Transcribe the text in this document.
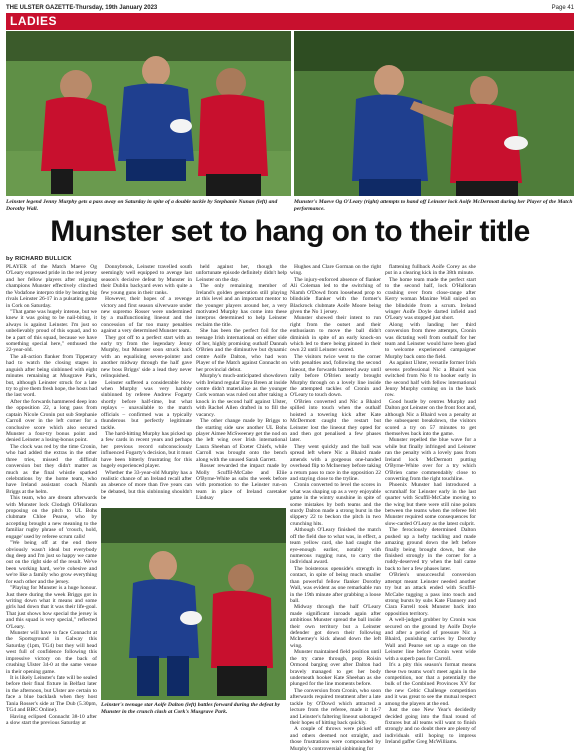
THE ULSTER GAZETTE-Thursday, 19th January 2023	Page 41
LADIES
Leinster legend Jenny Murphy gets a pass away on Saturday in spite of a double tackle by Stephanie Nunan (left) and Dorothy Wall.
Munster's Maeve Og O'Leary (right) attempts to hand off Leinster lock Aoife McDermott during her Player of the Match performance.
Munster set to hang on to their title
by RICHARD BULLICK

PLAYER of the Match Maeve Og O'Leary expressed pride in the red jersey and her fellow players after reigning champions Munster effectively clinched the Vodafone interpro title by beating big rivals Leinster 26-17 in a pulsating game in Cork on Saturday.

"That game was hugely intense, but we knew it was going to be nail-biting, it always is against Leinster. I'm just so unbelievably proud of this squad, and to be a part of this squad, because we have something special here," enthused the 22-year-old.

The all-action flanker from Tipperary had to watch the closing stages in anguish after being sinbinned with eight minutes remaining at Musgrave Park, but, although Leinster struck for a late try to give them fresh hope, the hosts had the last word.

After the forwards hammered deep into the opposition 22, a long pass from captain Nicole Cronin put sub Stephanie Carroll over in the left corner for a conclusive score which also secured Munster a four-try bonus point and denied Leinster a losing-bonus point.

The clock was red by the time Cronin, who had added the extras in the other three tries, missed the difficult conversion but they didn't matter as much as the final whistle sparked celebrations by the home team, who have Ireland assistant coach Niamh Briggs at the helm.

This team, who are dream afterwards with Munster lock Clodagh O'Halloran proposing on the pitch to UL Bohs clubmate Chloe Pearse, who by accepting brought a new meaning to the familiar rugby phrase of 'crouch, hold, engage' used by referee scrum calls!

"We being off at the end there obviously wasn't ideal but everybody dug deep and I'm just so happy we came out on the right side of the result. We've been working hard, we're cohesive and we're like a family who grow everything for each other and the jersey.

"Playing for Munster is a huge honour. Just there during the week Briggs got in writing down what it means and some girls had down that it was their life-goal. That just shows how special the jersey is and this squad is very special," reflected O'Leary.

Munster will have to face Connacht at the Sportsground in Galway this Saturday (1pm, TG4) but they will head west full of confidence following this impressive victory on the back of crushing Ulster 34-0 at the same venue in their opening game.

It is likely Leinster's fate will be sealed before their final fixture in Belfast later in the afternoon, but Ulster are certain to face a blue backlash when they host Tania Rosser's side at The Dub (5.30pm, TG4 and BBC Online).

Having eclipsed Connacht 38-10 after a slow start the previous Saturday at

Donnybrook, Leinster travelled south seemingly well equipped to avenge last season's decisive defeat by Munster in their Dublin backyard even with quite a few young guns in their ranks.

However, their hopes of a revenge victory and first season silverware under new supremo Rosser were undermined by a malfunctioning lineout and the concession of far too many penalties against a very determined Munster team.

They got off to a perfect start with an early try from the legendary Jenny Murphy, but Munster soon struck back with an equalising seven-pointer and another midway through the half gave new boss Briggs' side a lead they never relinquished.

Leinster suffered a considerable blow when Murphy was very harshly sinbinned by referee Andrew Fogarty shortly before half-time, but what replays – unavailable to the match officials – confirmed was a typically thunderous but perfectly legitimate tackle.

The hard-hitting Murphy has picked up a few cards in recent years and perhaps her previous record subconsciously influenced Fogarty's decision, but it must have been bitterly frustrating for this hugely experienced player.

Whether the 33-year-old Murphy has a realistic chance of an Ireland recall after an absence of more than five years can be debated, but this sinbinning shouldn't be

held against her, though the unfortunate episode definitely didn't help Leinster on the day.

The only remaining member of Ireland's golden generation still playing at this level and an important mentor to the younger players around her, a very motivated Murphy has come into these interpros determined to help Leinster reclaim the title.

She has been the perfect foil for the teenage Irish international on either side of her, highly promising outhalf Dannah O'Brien and the diminutive but dynamic centre Aoife Dalton, who had won Player of the Match against Connacht on her provincial debut.

Murphy's much-anticipated showdown with Ireland regular Enya Breen at inside centre didn't materialise as the younger Cork woman was ruled out after taking a knock in the second half against Ulster, with Rachel Allen drafted in to fill the vacancy.

The other change made by Briggs to the starting side saw another UL Bohs player Aimee McSweeney get the nod on the left wing over Irish international Laura Sheehan of Exeter Chiefs, while Carroll was brought onto the bench along with the unused Sarah Garrett.

Rosser rewarded the impact made by Molly Scuffil-McCabe and Eliie O'Byrne-White as subs the week before with promotion to the Leinster run-on team in place of Ireland caretaker Lindsay

Hughes and Clare Gorman on the right wing.

The injury-enforced absence of flanker Ali Coleman led to the switching of Niamh O'Dowd from loosehead prop to blindside flanker with the former's Blackrock clubmate Aoife Moore being given the No 1 jersey.

Munster showed their intent to run right from the outset and their enthusiasm to move the ball didn't diminish in spite of an early knock-on which led to there being pinned in their own 22 until Leinster scored.

The visitors twice went to the corner with penalties and, following the second lineout, the forwards battered away until rally before O'Brien neatly brought Murphy through on a lovely line inside the attempted tackles of Cronin and O'Leary to touch down.

O'Brien converted and Nic a Bhaird spilled into touch when the outhalf hoisted a towering kick after Kate McDermott caught the restart but Leinster lost the lineout they opted for and then got penalised a few phases later.

They went quickly and the ball was spread left where Nic a Bhaird made amends with a gorgeous one-handed overhead flip to McInerney before taking a return pass to race in the opposition 22 and staying close to the tryline.

Cronin converted to level the scores in what was shaping up as a very enjoyable game in the wintry sunshine in spite of some mistakes by both teams and the sturdy Dalton made a strong burst in the slippery 22 to beckon the pitch in two crunching hits.

Although O'Leary finished the match off the field due to what was, in effect, a team yellow card, she had caught the eye-enough earlier, notably with numerous rugging runs, to carry the individual award.

The boisterous openside's strength in contact, in spite of being much smaller than powerful fellow flanker Dorothy Wall, was evident as one remarkable run in the 19th minute after grabbing a loose ball.

Midway through the half O'Leary made significant inroads again after ambitious Munster spread the ball inside their own territory but a Leinster defender got down their following McInerney's kick ahead down the left wing.

Munster maintained field position until the try came through, prop Roisin Ormond barging over after Dalton had bravely managed to get her body underneath hooker Kate Sheehan as she plunged for the line moments before.

The conversion from Cronin, who soon afterwards required treatment after a late tackle by O'Dowd which attracted a lecture from the referee, made it 14-7 and Leinster's faltering lineout sabotaged their hopes of hitting back quickly.

A couple of throws were picked off and others deemed not straight, and those frustrations were compounded by Murphy's controversial sinbinning for

flattening fullback Aoife Corey as she put in a clearing kick in the 38th minute.

The home team made the perfect start to the second half, lock O'Halloran crashing over from close-range after Kerry woman Maxime Wall sniped on the blindside from a scrum. Ireland winger Aoife Doyle darted infield and O'Leary was stopped just short.

Along with landing her third conversion from three attempts, Cronin was dictating well from outhalf for her team and Leinster would have been glad to welcome experienced campaigner Murphy back onto the field.

As against Ulster, versatile former Irish sevens professional Nic a Bhaird was switched from No 8 to hooker early in the second half with fellow international Jenny Murphy coming on in the back row.

Good hustle by centres Murphy and Dalton got Leinster on the front foot and, although Nic a Bhaird won a penalty at the subsequent breakdown, the visitors scored a try on 57 minutes to get themselves back into the game.

Munster repelled the blue wave for a while but finally infringed and Leinster ran the penalty with a lovely pass from Ireland lock McDermott putting O'Byrne-White over for a try which O'Brien came commendably close to converting from the right touchline.

Phoenix Munster had introduced a scrumhalf for Leinster early in the last quarter with Scuffil-McCabe moving to the wing but there were still nine points between the teams when the referee felt Munster required some consequences for slow-carded O'Leary as the latest culprit.

The ferociously determined Dalton pushed up a hefty tackling and made amazing ground down the left before finally being brought down, but she finished strongly in the corner for a ruddy-deserved try when the ball came back to her a few phases later.

O'Brien's unsuccessful conversion attempt meant Leinster needed another try but an attack ended with Scuffil-McCabe tugging a pass into touch and strong bursts by subs Kate Flannery and Ciara Farrell took Munster back into opposition territory.

A well-judged grubber by Cronin was secured on the ground by Aoife Doyle and after a period of pressure Nic a Bhaird, punishing carries by Dorothy Wall and Pearse set up a stage on the Leinster line before Cronin went wide with a superb pass for Carroll.

It's a pity this season's format means these two teams won't meet again in the competition, nor that a potentially the bulk of the Combined Provinces XV for the new Celtic Challenge competition and it was great to see the mutual respect among the players at the end.

Just the one New Year's decidedly decided going into the final round of fixtures but all teams will want to finish strongly and no doubt there are plenty of individuals still hoping to impress Ireland gaffer Greg McWilliams.

Leinster's teenage star Aoife Dalton (left) battles forward during the defeat by Munster in the crunch clash at Cork's Musgrave Park.
